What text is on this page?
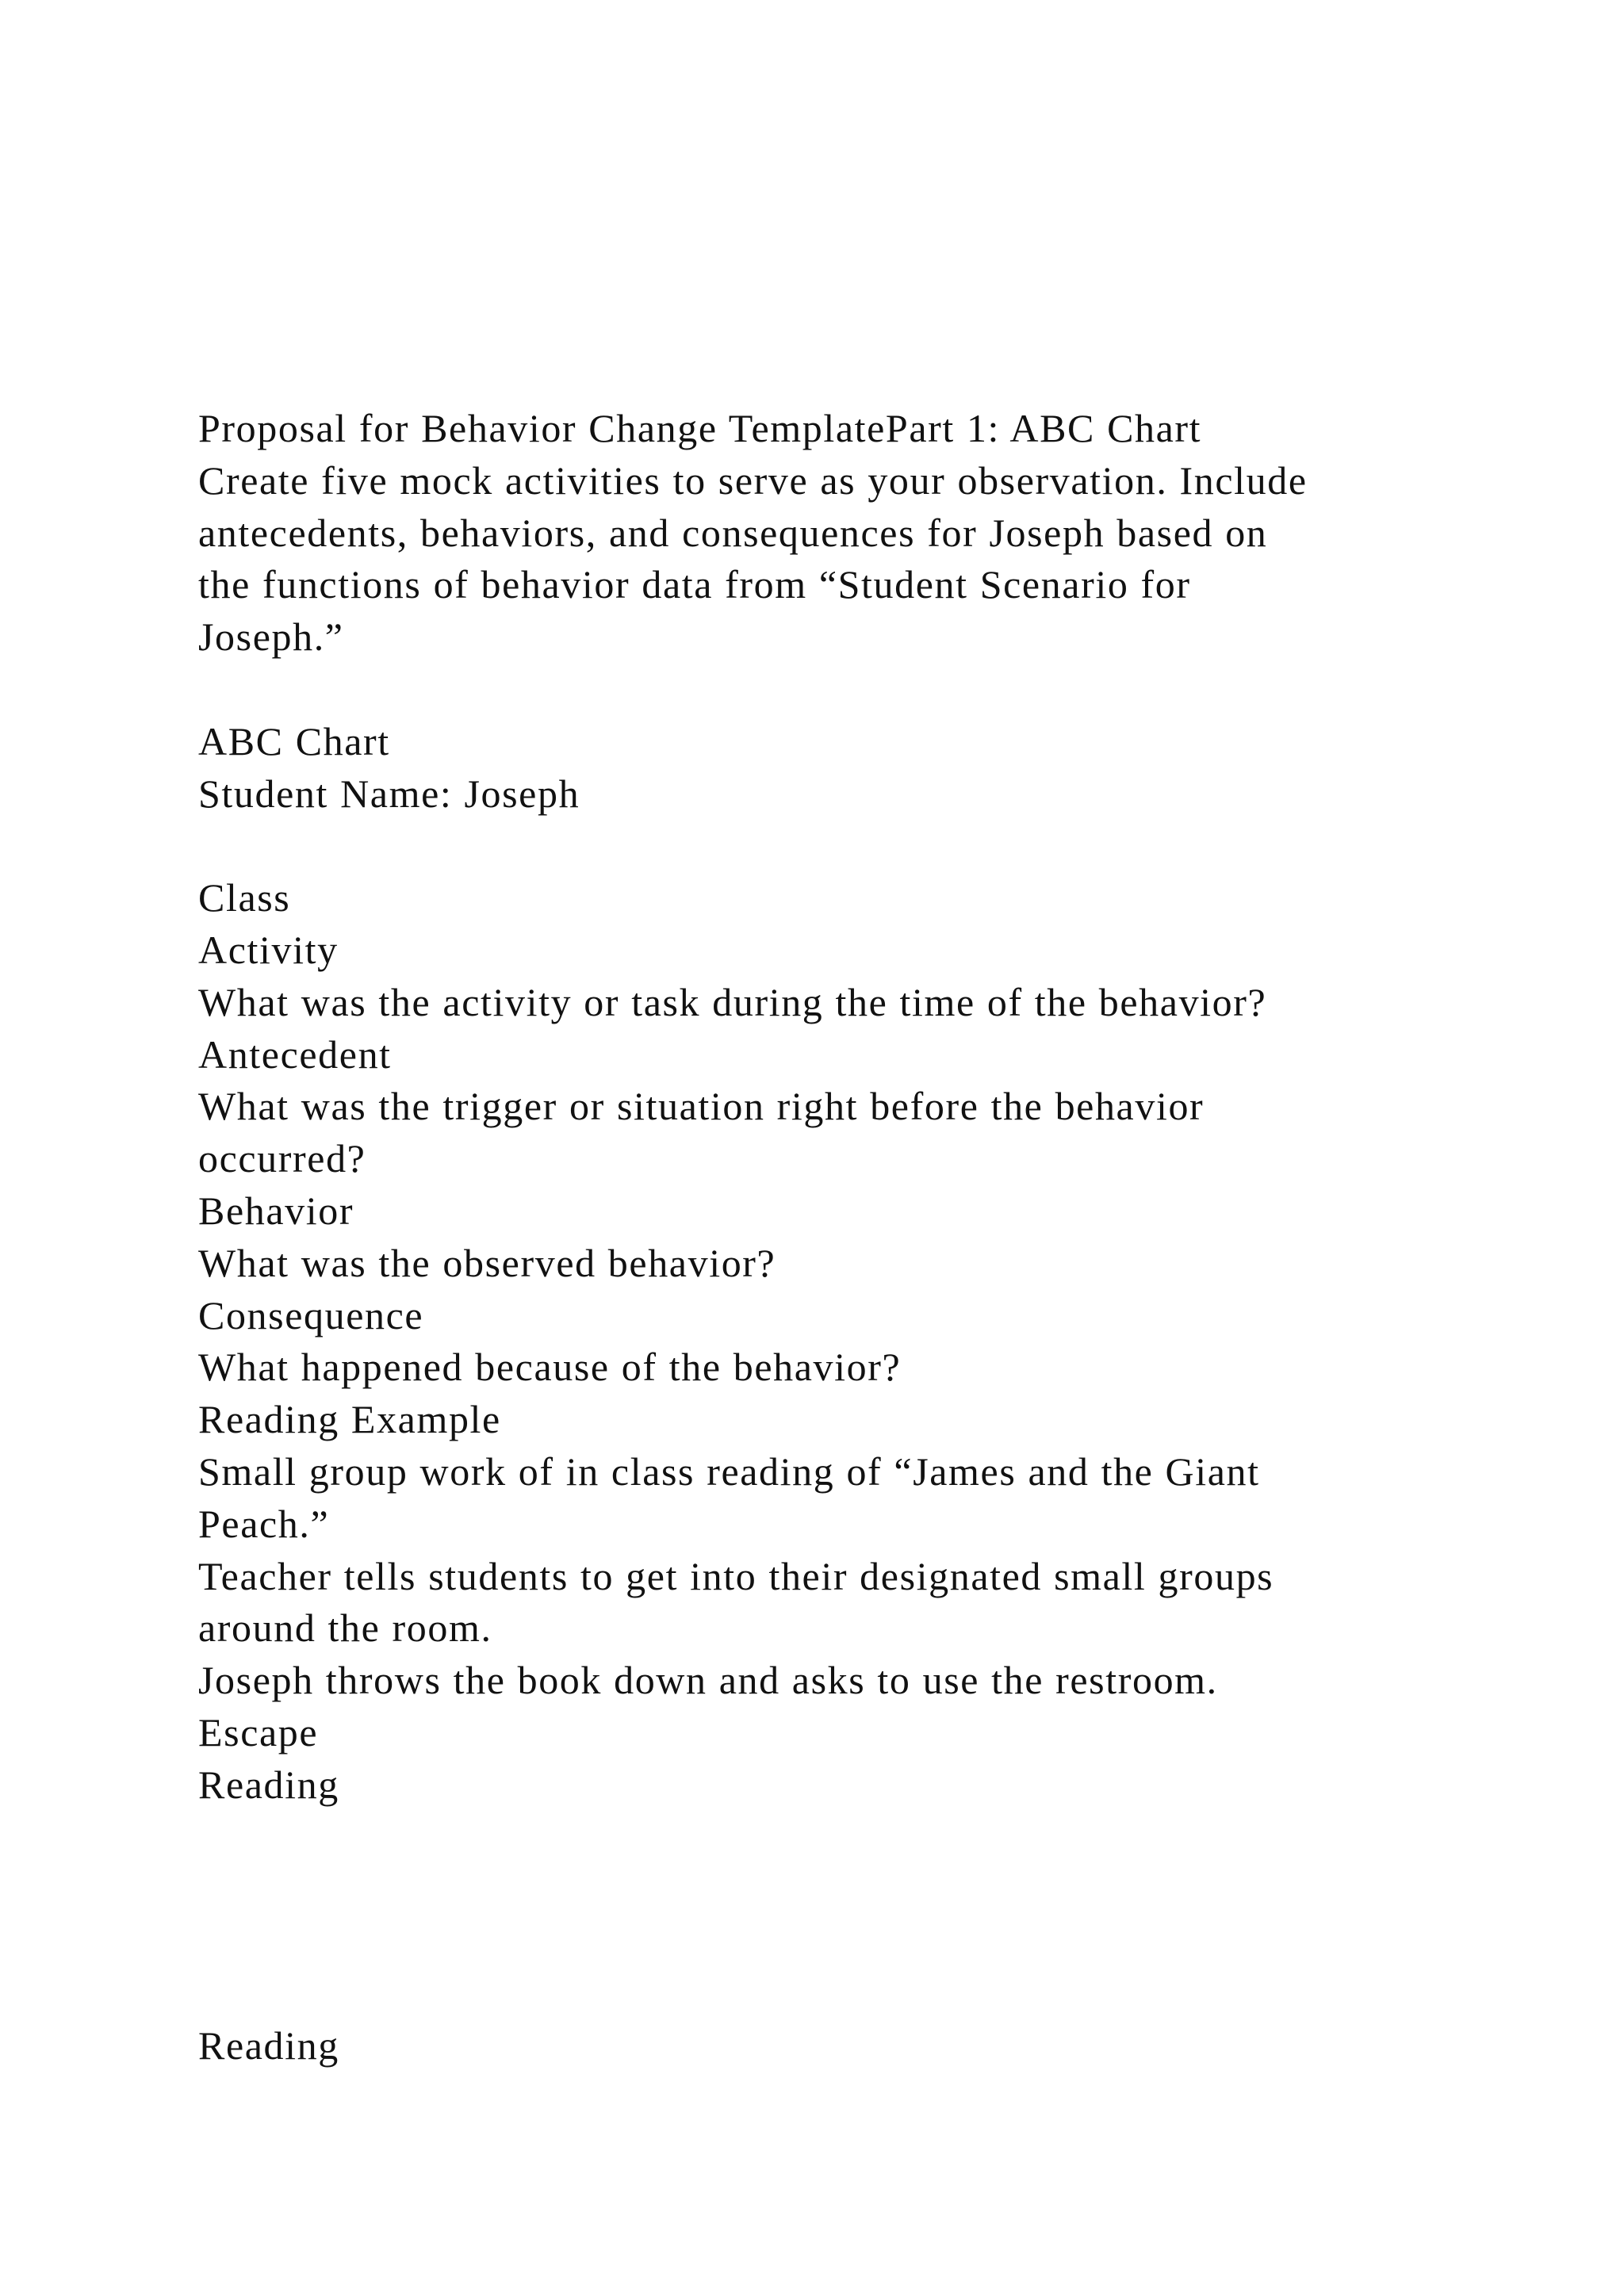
Proposal for Behavior Change TemplatePart 1: ABC Chart
Create five mock activities to serve as your observation. Include
antecedents, behaviors, and consequences for Joseph based on
the functions of behavior data from “Student Scenario for
Joseph.”
ABC Chart
Student Name: Joseph
Class
Activity
What was the activity or task during the time of the behavior?
Antecedent
What was the trigger or situation right before the behavior
occurred?
Behavior
What was the observed behavior?
Consequence
What happened because of the behavior?
Reading Example
Small group work of in class reading of “James and the Giant
Peach.”
Teacher tells students to get into their designated small groups
around the room.
Joseph throws the book down and asks to use the restroom.
Escape
Reading
Reading
